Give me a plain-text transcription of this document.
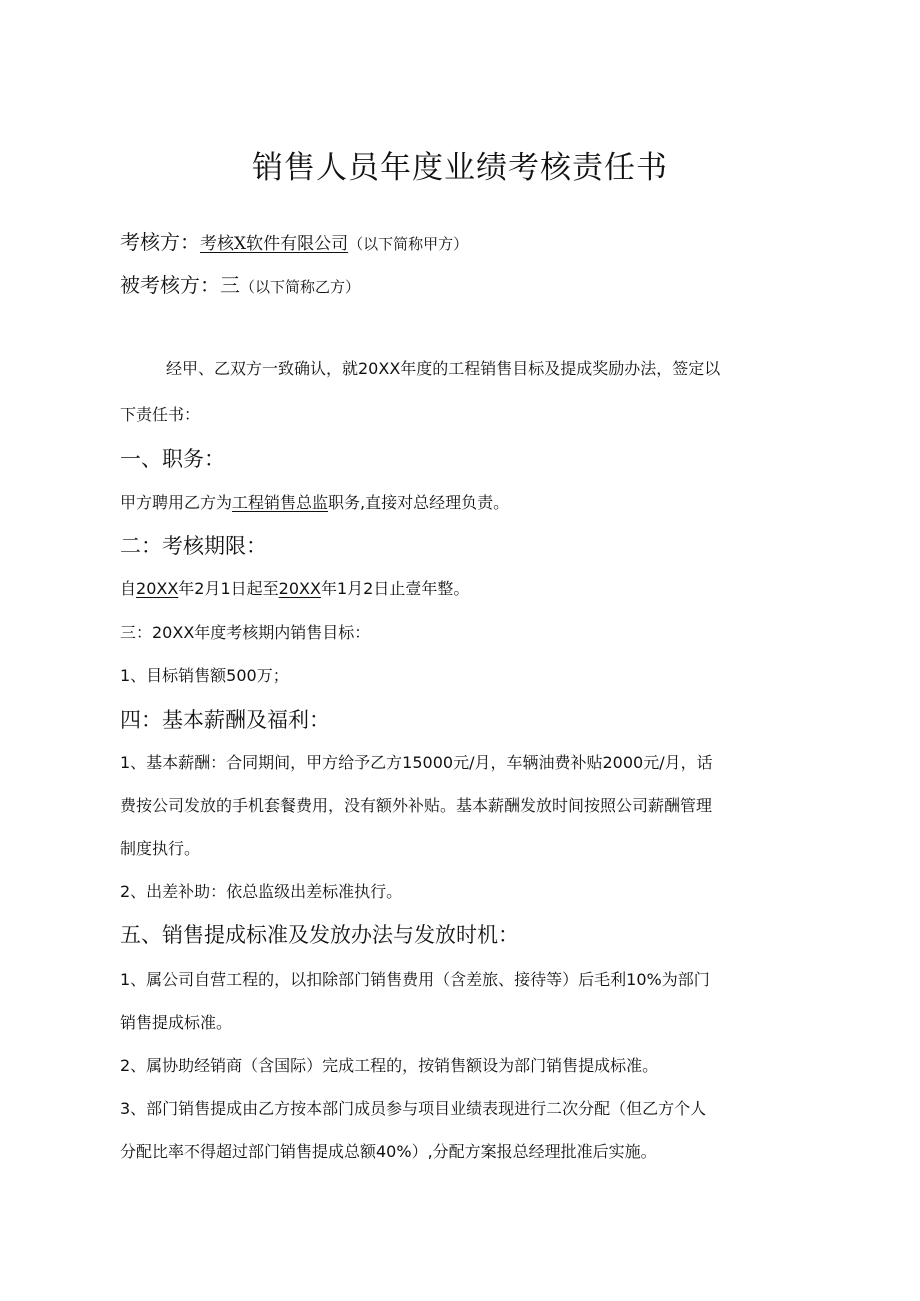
销售人员年度业绩考核责任书
考核方：考核X软件有限公司（以下简称甲方）
被考核方：三（以下简称乙方）
经甲、乙双方一致确认，就20XX年度的工程销售目标及提成奖励办法，签定以
下责任书：
一、职务：
甲方聘用乙方为工程销售总监职务,直接对总经理负责。
二：考核期限：
自20XX年2月1日起至20XX年1月2日止壹年整。
三：20XX年度考核期内销售目标：
1、目标销售额500万；
四：基本薪酬及福利：
1、基本薪酬：合同期间，甲方给予乙方15000元/月，车辆油费补贴2000元/月，话
费按公司发放的手机套餐费用，没有额外补贴。基本薪酬发放时间按照公司薪酬管理
制度执行。
2、出差补助：依总监级出差标准执行。
五、销售提成标准及发放办法与发放时机：
1、属公司自营工程的，以扣除部门销售费用（含差旅、接待等）后毛利10%为部门
销售提成标准。
2、属协助经销商（含国际）完成工程的，按销售额设为部门销售提成标准。
3、部门销售提成由乙方按本部门成员参与项目业绩表现进行二次分配（但乙方个人
分配比率不得超过部门销售提成总额40%）,分配方案报总经理批准后实施。
